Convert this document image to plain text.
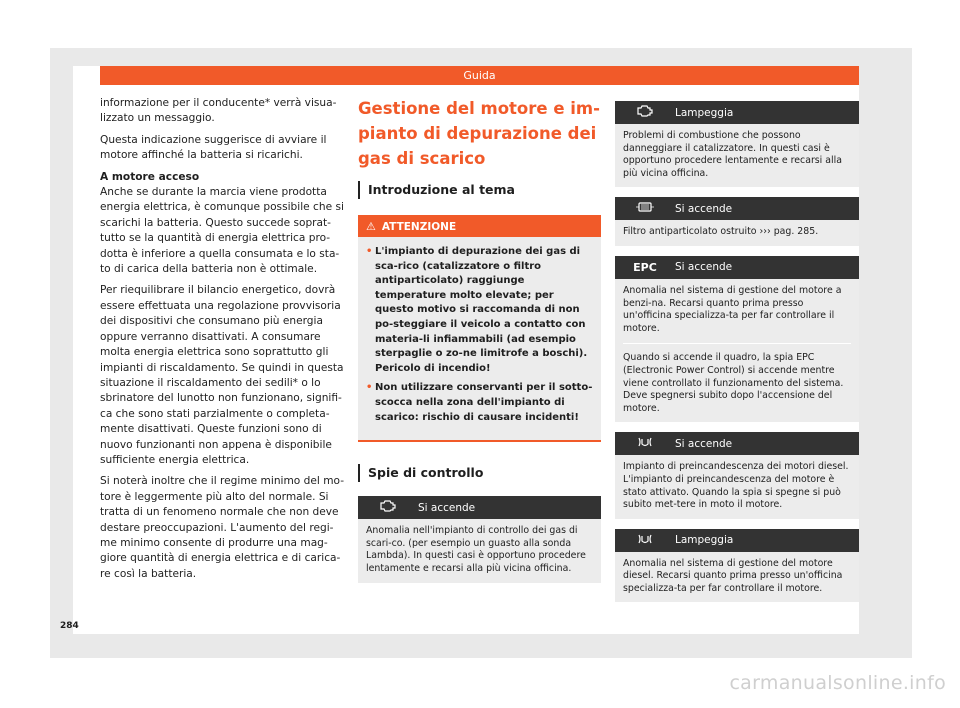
Guida

informazione per il conducente* verrà visua-lizzato un messaggio.

Questa indicazione suggerisce di avviare il motore affinché la batteria si ricarichi.

A motore acceso

Anche se durante la marcia viene prodotta energia elettrica, è comunque possibile che si scarichi la batteria. Questo succede soprat-tutto se la quantità di energia elettrica pro-dotta è inferiore a quella consumata e lo sta-to di carica della batteria non è ottimale.

Per riequilibrare il bilancio energetico, dovrà essere effettuata una regolazione provvisoria dei dispositivi che consumano più energia oppure verranno disattivati. A consumare molta energia elettrica sono soprattutto gli impianti di riscaldamento. Se quindi in questa situazione il riscaldamento dei sedili* o lo sbrinatore del lunotto non funzionano, signifi-ca che sono stati parzialmente o completa-mente disattivati. Queste funzioni sono di nuovo funzionanti non appena è disponibile sufficiente energia elettrica.

Si noterà inoltre che il regime minimo del mo-tore è leggermente più alto del normale. Si tratta di un fenomeno normale che non deve destare preoccupazioni. L'aumento del regi-me minimo consente di produrre una mag-giore quantità di energia elettrica e di carica-re così la batteria.

Gestione del motore e im-pianto di depurazione dei gas di scarico
Introduzione al tema
⚠ ATTENZIONE
• L'impianto di depurazione dei gas di sca-rico (catalizzatore o filtro antiparticolato) raggiunge temperature molto elevate; per questo motivo si raccomanda di non po-steggiare il veicolo a contatto con materia-li infiammabili (ad esempio sterpaglie o zo-ne limitrofe a boschi). Pericolo di incendio!
• Non utilizzare conservanti per il sotto-scocca nella zona dell'impianto di scarico: rischio di causare incidenti!
Spie di controllo
Si accende

Anomalia nell'impianto di controllo dei gas di scari-co. (per esempio un guasto alla sonda Lambda). In questi casi è opportuno procedere lentamente e recarsi alla più vicina officina.

Lampeggia

Problemi di combustione che possono danneggiare il catalizzatore. In questi casi è opportuno procedere lentamente e recarsi alla più vicina officina.

Si accende

Filtro antiparticolato ostruito ››› pag. 285.

EPC	Si accende

Anomalia nel sistema di gestione del motore a benzi-na. Recarsi quanto prima presso un'officina specializza-ta per far controllare il motore.

Quando si accende il quadro, la spia EPC (Electronic Power Control) si accende mentre viene controllato il funzionamento del sistema. Deve spegnersi subito dopo l'accensione del motore.

Si accende

Impianto di preincandescenza dei motori diesel. L'impianto di preincandescenza del motore è stato attivato. Quando la spia si spegne si può subito met-tere in moto il motore.

Lampeggia

Anomalia nel sistema di gestione del motore diesel. Recarsi quanto prima presso un'officina specializza-ta per far controllare il motore.

284
carmanualsonline.info
